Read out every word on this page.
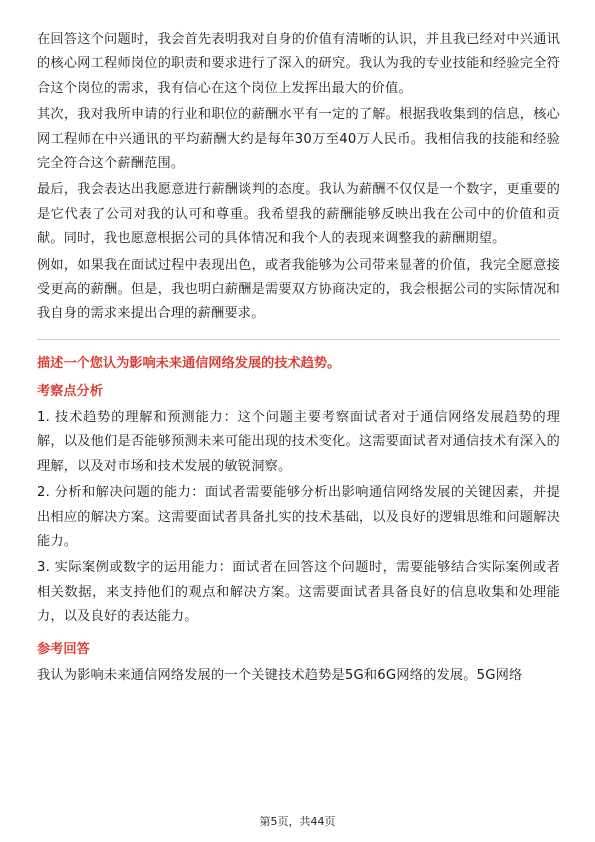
在回答这个问题时，我会首先表明我对自身的价值有清晰的认识，并且我已经对中兴通讯的核心网工程师岗位的职责和要求进行了深入的研究。我认为我的专业技能和经验完全符合这个岗位的需求，我有信心在这个岗位上发挥出最大的价值。

其次，我对我所申请的行业和职位的薪酬水平有一定的了解。根据我收集到的信息，核心网工程师在中兴通讯的平均薪酬大约是每年30万至40万人民币。我相信我的技能和经验完全符合这个薪酬范围。

最后，我会表达出我愿意进行薪酬谈判的态度。我认为薪酬不仅仅是一个数字，更重要的是它代表了公司对我的认可和尊重。我希望我的薪酬能够反映出我在公司中的价值和贡献。同时，我也愿意根据公司的具体情况和我个人的表现来调整我的薪酬期望。

例如，如果我在面试过程中表现出色，或者我能够为公司带来显著的价值，我完全愿意接受更高的薪酬。但是，我也明白薪酬是需要双方协商决定的，我会根据公司的实际情况和我自身的需求来提出合理的薪酬要求。

描述一个您认为影响未来通信网络发展的技术趋势。
考察点分析

1. 技术趋势的理解和预测能力：这个问题主要考察面试者对于通信网络发展趋势的理解，以及他们是否能够预测未来可能出现的技术变化。这需要面试者对通信技术有深入的理解，以及对市场和技术发展的敏锐洞察。

2. 分析和解决问题的能力：面试者需要能够分析出影响通信网络发展的关键因素，并提出相应的解决方案。这需要面试者具备扎实的技术基础，以及良好的逻辑思维和问题解决能力。

3. 实际案例或数字的运用能力：面试者在回答这个问题时，需要能够结合实际案例或者相关数据，来支持他们的观点和解决方案。这需要面试者具备良好的信息收集和处理能力，以及良好的表达能力。

参考回答

我认为影响未来通信网络发展的一个关键技术趋势是5G和6G网络的发展。5G网络

第5页，共44页
